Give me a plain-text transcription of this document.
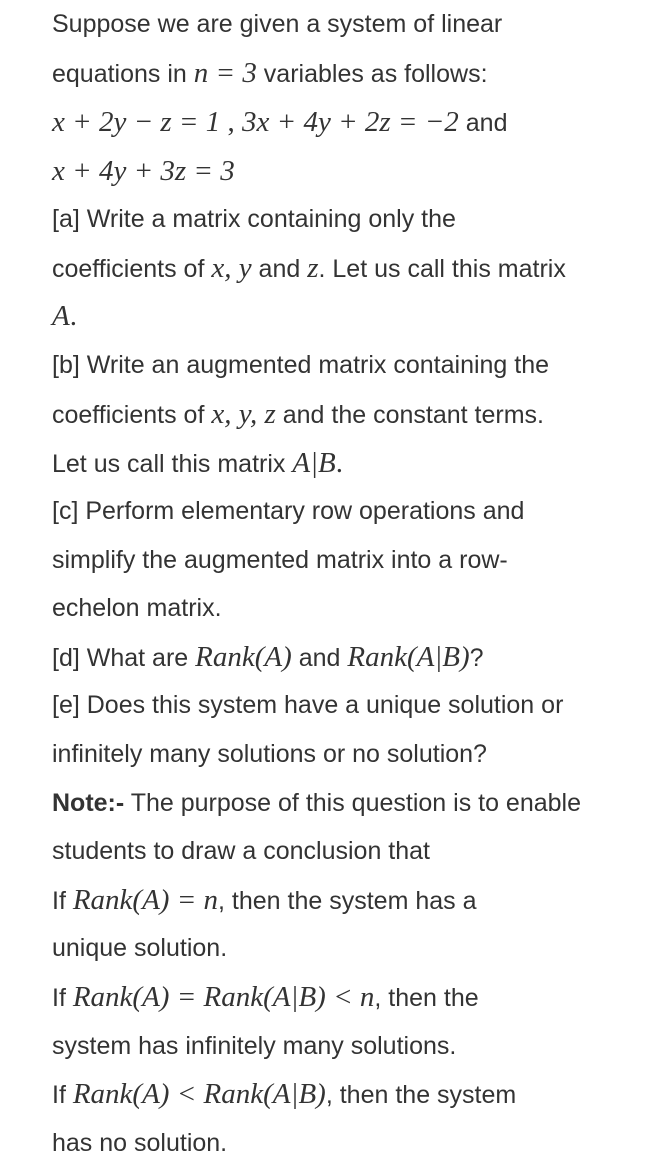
Suppose we are given a system of linear
equations in n = 3 variables as follows:
x + 2y − z = 1 , 3x + 4y + 2z = −2 and
x + 4y + 3z = 3
[a] Write a matrix containing only the
coefficients of x, y and z. Let us call this matrix
A.
[b] Write an augmented matrix containing the
coefficients of x, y, z and the constant terms.
Let us call this matrix A|B.
[c] Perform elementary row operations and
simplify the augmented matrix into a row-
echelon matrix.
[d] What are Rank(A) and Rank(A|B)?
[e] Does this system have a unique solution or
infinitely many solutions or no solution?
Note:- The purpose of this question is to enable
students to draw a conclusion that
If Rank(A) = n, then the system has a
unique solution.
If Rank(A) = Rank(A|B) < n, then the
system has infinitely many solutions.
If Rank(A) < Rank(A|B), then the system
has no solution.
